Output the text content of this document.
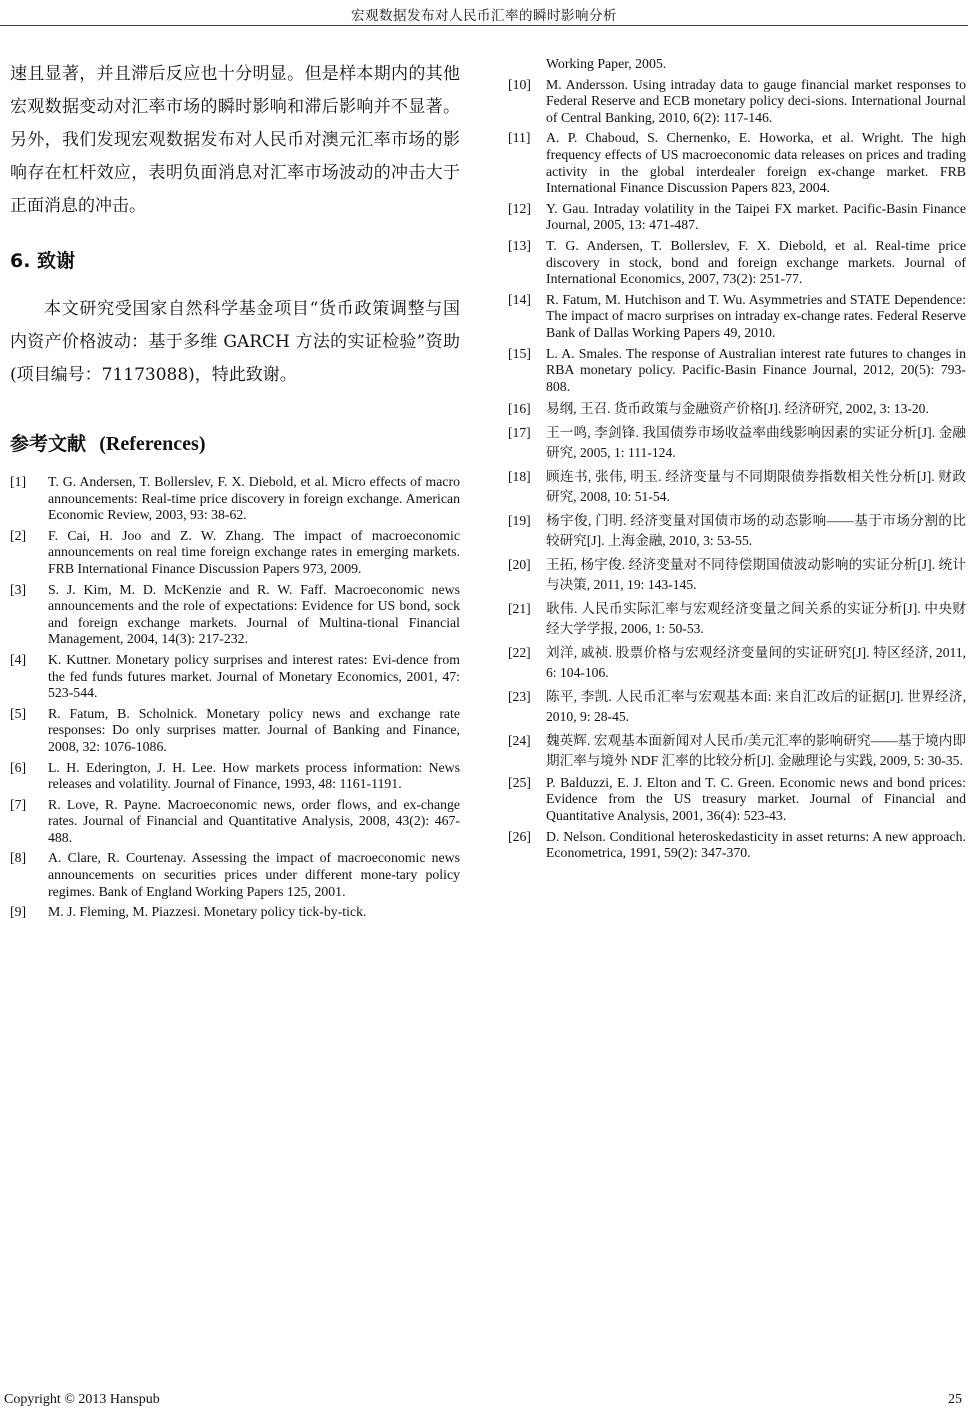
宏观数据发布对人民币汇率的瞬时影响分析

速且显著，并且滞后反应也十分明显。但是样本期内的其他宏观数据变动对汇率市场的瞬时影响和滞后影响并不显著。另外，我们发现宏观数据发布对人民币对澳元汇率市场的影响存在杠杆效应，表明负面消息对汇率市场波动的冲击大于正面消息的冲击。

6. 致谢

本文研究受国家自然科学基金项目“货币政策调整与国内资产价格波动：基于多维 GARCH 方法的实证检验”资助(项目编号：71173088)，特此致谢。

参考文献 (References)
[1] T. G. Andersen, T. Bollerslev, F. X. Diebold, et al. Micro effects of macro announcements: Real-time price discovery in foreign exchange. American Economic Review, 2003, 93: 38-62.
[2] F. Cai, H. Joo and Z. W. Zhang. The impact of macroeconomic announcements on real time foreign exchange rates in emerging markets. FRB International Finance Discussion Papers 973, 2009.
[3] S. J. Kim, M. D. McKenzie and R. W. Faff. Macroeconomic news announcements and the role of expectations: Evidence for US bond, sock and foreign exchange markets. Journal of Multina-tional Financial Management, 2004, 14(3): 217-232.
[4] K. Kuttner. Monetary policy surprises and interest rates: Evi-dence from the fed funds futures market. Journal of Monetary Economics, 2001, 47: 523-544.
[5] R. Fatum, B. Scholnick. Monetary policy news and exchange rate responses: Do only surprises matter. Journal of Banking and Finance, 2008, 32: 1076-1086.
[6] L. H. Ederington, J. H. Lee. How markets process information: News releases and volatility. Journal of Finance, 1993, 48: 1161-1191.
[7] R. Love, R. Payne. Macroeconomic news, order flows, and ex-change rates. Journal of Financial and Quantitative Analysis, 2008, 43(2): 467-488.
[8] A. Clare, R. Courtenay. Assessing the impact of macroeconomic news announcements on securities prices under different mone-tary policy regimes. Bank of England Working Papers 125, 2001.
[9] M. J. Fleming, M. Piazzesi. Monetary policy tick-by-tick.
Working Paper, 2005.
[10] M. Andersson. Using intraday data to gauge financial market responses to Federal Reserve and ECB monetary policy deci-sions. International Journal of Central Banking, 2010, 6(2): 117-146.
[11] A. P. Chaboud, S. Chernenko, E. Howorka, et al. Wright. The high frequency effects of US macroeconomic data releases on prices and trading activity in the global interdealer foreign ex-change market. FRB International Finance Discussion Papers 823, 2004.
[12] Y. Gau. Intraday volatility in the Taipei FX market. Pacific-Basin Finance Journal, 2005, 13: 471-487.
[13] T. G. Andersen, T. Bollerslev, F. X. Diebold, et al. Real-time price discovery in stock, bond and foreign exchange markets. Journal of International Economics, 2007, 73(2): 251-77.
[14] R. Fatum, M. Hutchison and T. Wu. Asymmetries and STATE Dependence: The impact of macro surprises on intraday ex-change rates. Federal Reserve Bank of Dallas Working Papers 49, 2010.
[15] L. A. Smales. The response of Australian interest rate futures to changes in RBA monetary policy. Pacific-Basin Finance Journal, 2012, 20(5): 793-808.
[16] 易纲, 王召. 货币政策与金融资产价格[J]. 经济研究, 2002, 3: 13-20.
[17] 王一鸣, 李剑锋. 我国债券市场收益率曲线影响因素的实证分析[J]. 金融研究, 2005, 1: 111-124.
[18] 顾连书, 张伟, 明玉. 经济变量与不同期限债券指数相关性分析[J]. 财政研究, 2008, 10: 51-54.
[19] 杨宇俊, 门明. 经济变量对国债市场的动态影响——基于市场分割的比较研究[J]. 上海金融, 2010, 3: 53-55.
[20] 王拓, 杨宇俊. 经济变量对不同待偿期国债波动影响的实证分析[J]. 统计与决策, 2011, 19: 143-145.
[21] 耿伟. 人民币实际汇率与宏观经济变量之间关系的实证分析[J]. 中央财经大学学报, 2006, 1: 50-53.
[22] 刘洋, 戚祯. 股票价格与宏观经济变量间的实证研究[J]. 特区经济, 2011, 6: 104-106.
[23] 陈平, 李凯. 人民币汇率与宏观基本面: 来自汇改后的证据[J]. 世界经济, 2010, 9: 28-45.
[24] 魏英辉. 宏观基本面新闻对人民币/美元汇率的影响研究——基于境内即期汇率与境外 NDF 汇率的比较分析[J]. 金融理论与实践, 2009, 5: 30-35.
[25] P. Balduzzi, E. J. Elton and T. C. Green. Economic news and bond prices: Evidence from the US treasury market. Journal of Financial and Quantitative Analysis, 2001, 36(4): 523-43.
[26] D. Nelson. Conditional heteroskedasticity in asset returns: A new approach. Econometrica, 1991, 59(2): 347-370.
Copyright © 2013 Hanspub	25
